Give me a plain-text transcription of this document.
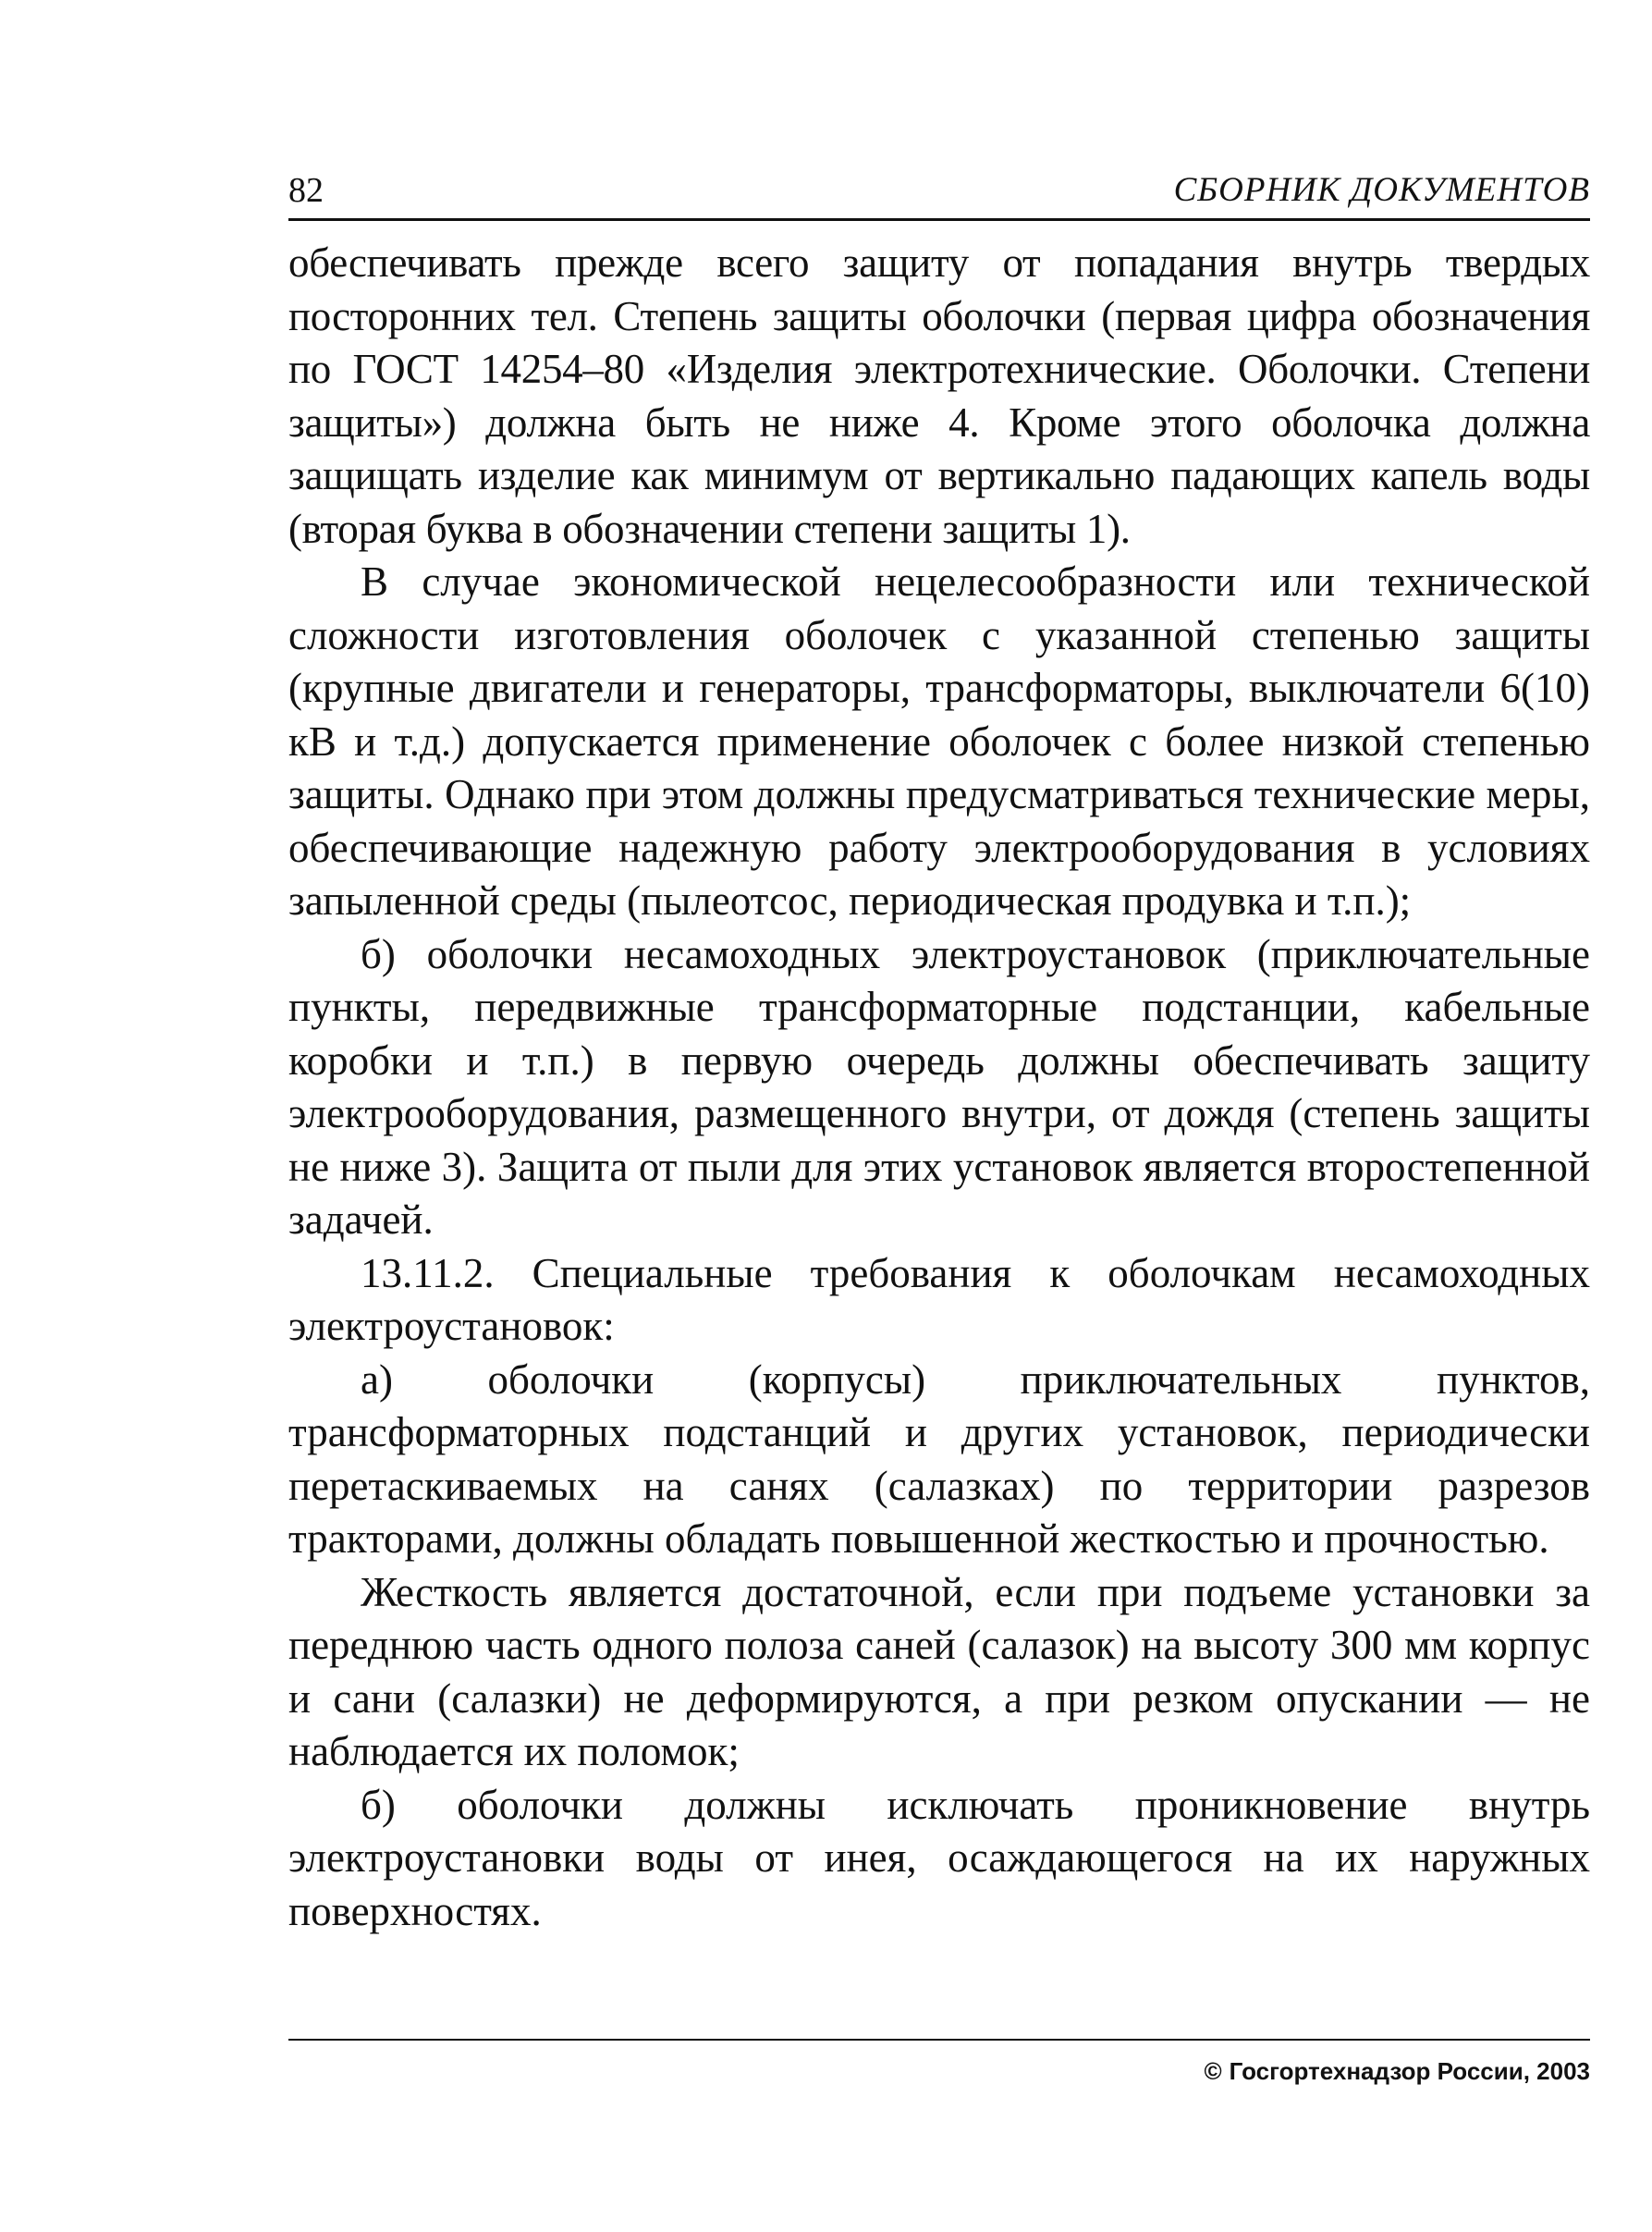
82	СБОРНИК ДОКУМЕНТОВ

обеспечивать прежде всего защиту от попадания внутрь твердых посторонних тел. Степень защиты оболочки (первая цифра обозначения по ГОСТ 14254–80 «Изделия электротехнические. Оболочки. Степени защиты») должна быть не ниже 4. Кроме этого оболочка должна защищать изделие как минимум от вертикально падающих капель воды (вторая буква в обозначении степени защиты 1).

В случае экономической нецелесообразности или технической сложности изготовления оболочек с указанной степенью защиты (крупные двигатели и генераторы, трансформаторы, выключатели 6(10) кВ и т.д.) допускается применение оболочек с более низкой степенью защиты. Однако при этом должны предусматриваться технические меры, обеспечивающие надежную работу электрооборудования в условиях запыленной среды (пылеотсос, периодическая продувка и т.п.);

б) оболочки несамоходных электроустановок (приключательные пункты, передвижные трансформаторные подстанции, кабельные коробки и т.п.) в первую очередь должны обеспечивать защиту электрооборудования, размещенного внутри, от дождя (степень защиты не ниже 3). Защита от пыли для этих установок является второстепенной задачей.

13.11.2. Специальные требования к оболочкам несамоходных электроустановок:

а) оболочки (корпусы) приключательных пунктов, трансформаторных подстанций и других установок, периодически перетаскиваемых на санях (салазках) по территории разрезов тракторами, должны обладать повышенной жесткостью и прочностью.

Жесткость является достаточной, если при подъеме установки за переднюю часть одного полоза саней (салазок) на высоту 300 мм корпус и сани (салазки) не деформируются, а при резком опускании — не наблюдается их поломок;

б) оболочки должны исключать проникновение внутрь электроустановки воды от инея, осаждающегося на их наружных поверхностях.

© Госгортехнадзор России, 2003
